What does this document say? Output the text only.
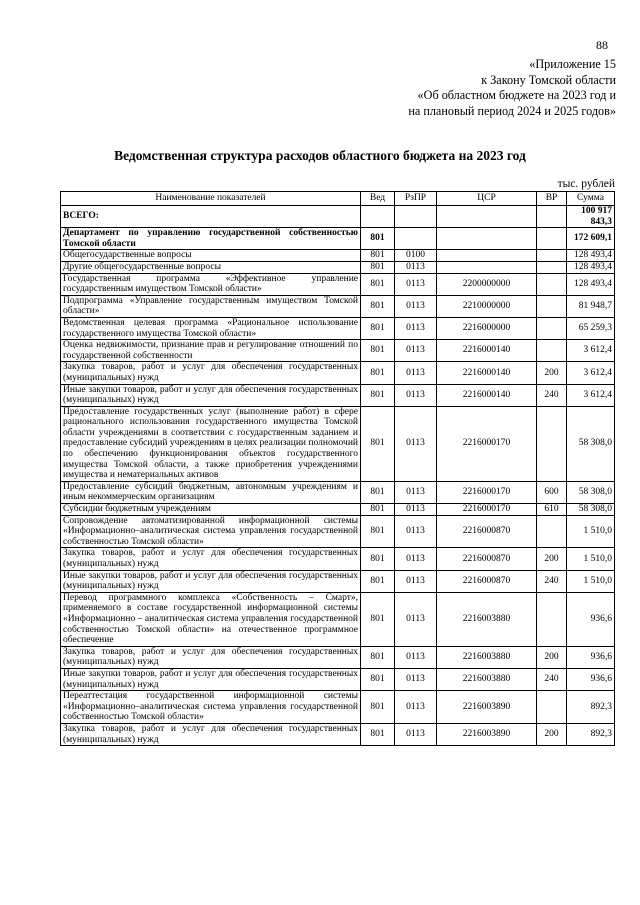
88
«Приложение 15
к Закону Томской области
«Об областном бюджете на 2023 год и
на плановый период 2024 и 2025 годов»
Ведомственная структура расходов областного бюджета на 2023 год
тыс. рублей
Наименование показателей	Вед	РзПР	ЦСР	ВР	Сумма
ВСЕГО:					100 917 843,3
Департамент по управлению государственной собственностью Томской области	801				172 609,1
Общегосударственные вопросы	801	0100			128 493,4
Другие общегосударственные вопросы	801	0113			128 493,4
Государственная программа «Эффективное управление государственным имуществом Томской области»	801	0113	2200000000		128 493,4
Подпрограмма «Управление государственным имуществом Томской области»	801	0113	2210000000		81 948,7
Ведомственная целевая программа «Рациональное использование государственного имущества Томской области»	801	0113	2216000000		65 259,3
Оценка недвижимости, признание прав и регулирование отношений по государственной собственности	801	0113	2216000140		3 612,4
Закупка товаров, работ и услуг для обеспечения государственных (муниципальных) нужд	801	0113	2216000140	200	3 612,4
Иные закупки товаров, работ и услуг для обеспечения государственных (муниципальных) нужд	801	0113	2216000140	240	3 612,4
Предоставление государственных услуг (выполнение работ) в сфере рационального использования государственного имущества Томской области учреждениями в соответствии с государственным заданием и предоставление субсидий учреждениям в целях реализации полномочий по обеспечению функционирования объектов государственного имущества Томской области, а также приобретения учреждениями имущества и нематериальных активов	801	0113	2216000170		58 308,0
Предоставление субсидий бюджетным, автономным учреждениям и иным некоммерческим организациям	801	0113	2216000170	600	58 308,0
Субсидии бюджетным учреждениям	801	0113	2216000170	610	58 308,0
Сопровождение автоматизированной информационной системы «Информационно–аналитическая система управления государственной собственностью Томской области»	801	0113	2216000870		1 510,0
Закупка товаров, работ и услуг для обеспечения государственных (муниципальных) нужд	801	0113	2216000870	200	1 510,0
Иные закупки товаров, работ и услуг для обеспечения государственных (муниципальных) нужд	801	0113	2216000870	240	1 510,0
Перевод программного комплекса «Собственность – Смарт», применяемого в составе государственной информационной системы «Информационно – аналитическая система управления государственной собственностью Томской области» на отечественное программное обеспечение	801	0113	2216003880		936,6
Закупка товаров, работ и услуг для обеспечения государственных (муниципальных) нужд	801	0113	2216003880	200	936,6
Иные закупки товаров, работ и услуг для обеспечения государственных (муниципальных) нужд	801	0113	2216003880	240	936,6
Переаттестация государственной информационной системы «Информационно–аналитическая система управления государственной собственностью Томской области»	801	0113	2216003890		892,3
Закупка товаров, работ и услуг для обеспечения государственных (муниципальных) нужд	801	0113	2216003890	200	892,3
